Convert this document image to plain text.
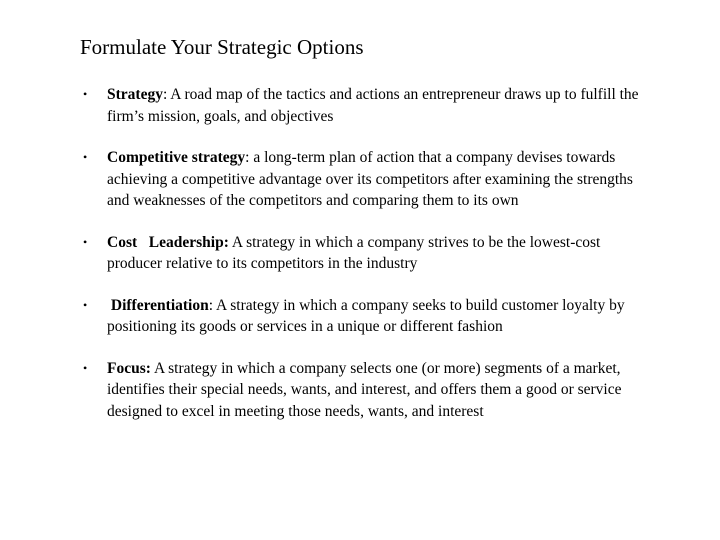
Formulate Your Strategic Options
• Strategy: A road map of the tactics and actions an entrepreneur draws up to fulfill the firm’s mission, goals, and objectives
• Competitive strategy: a long-term plan of action that a company devises towards achieving a competitive advantage over its competitors after examining the strengths and weaknesses of the competitors and comparing them to its own
• Cost   Leadership: A strategy in which a company strives to be the lowest-cost producer relative to its competitors in the industry
• Differentiation: A strategy in which a company seeks to build customer loyalty by positioning its goods or services in a unique or different fashion
• Focus: A strategy in which a company selects one (or more) segments of a market, identifies their special needs, wants, and interest, and offers them a good or service designed to excel in meeting those needs, wants, and interest
